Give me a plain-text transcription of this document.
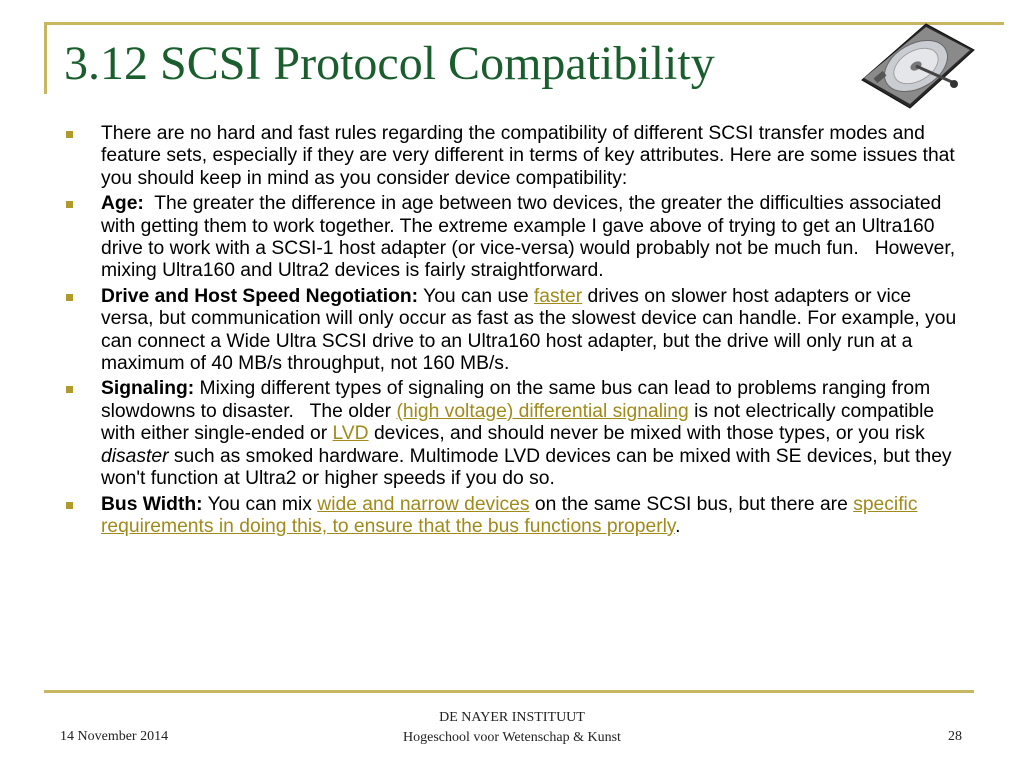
3.12 SCSI Protocol Compatibility
There are no hard and fast rules regarding the compatibility of different SCSI transfer modes and feature sets, especially if they are very different in terms of key attributes. Here are some issues that you should keep in mind as you consider device compatibility:
Age:  The greater the difference in age between two devices, the greater the difficulties associated with getting them to work together. The extreme example I gave above of trying to get an Ultra160 drive to work with a SCSI-1 host adapter (or vice-versa) would probably not be much fun.   However, mixing Ultra160 and Ultra2 devices is fairly straightforward.
Drive and Host Speed Negotiation: You can use faster drives on slower host adapters or vice versa, but communication will only occur as fast as the slowest device can handle. For example, you can connect a Wide Ultra SCSI drive to an Ultra160 host adapter, but the drive will only run at a maximum of 40 MB/s throughput, not 160 MB/s.
Signaling: Mixing different types of signaling on the same bus can lead to problems ranging from slowdowns to disaster.   The older (high voltage) differential signaling is not electrically compatible with either single-ended or LVD devices, and should never be mixed with those types, or you risk disaster such as smoked hardware. Multimode LVD devices can be mixed with SE devices, but they won't function at Ultra2 or higher speeds if you do so.
Bus Width: You can mix wide and narrow devices on the same SCSI bus, but there are specific requirements in doing this, to ensure that the bus functions properly.
14 November 2014
DE NAYER INSTITUUT
Hogeschool voor Wetenschap & Kunst	28
